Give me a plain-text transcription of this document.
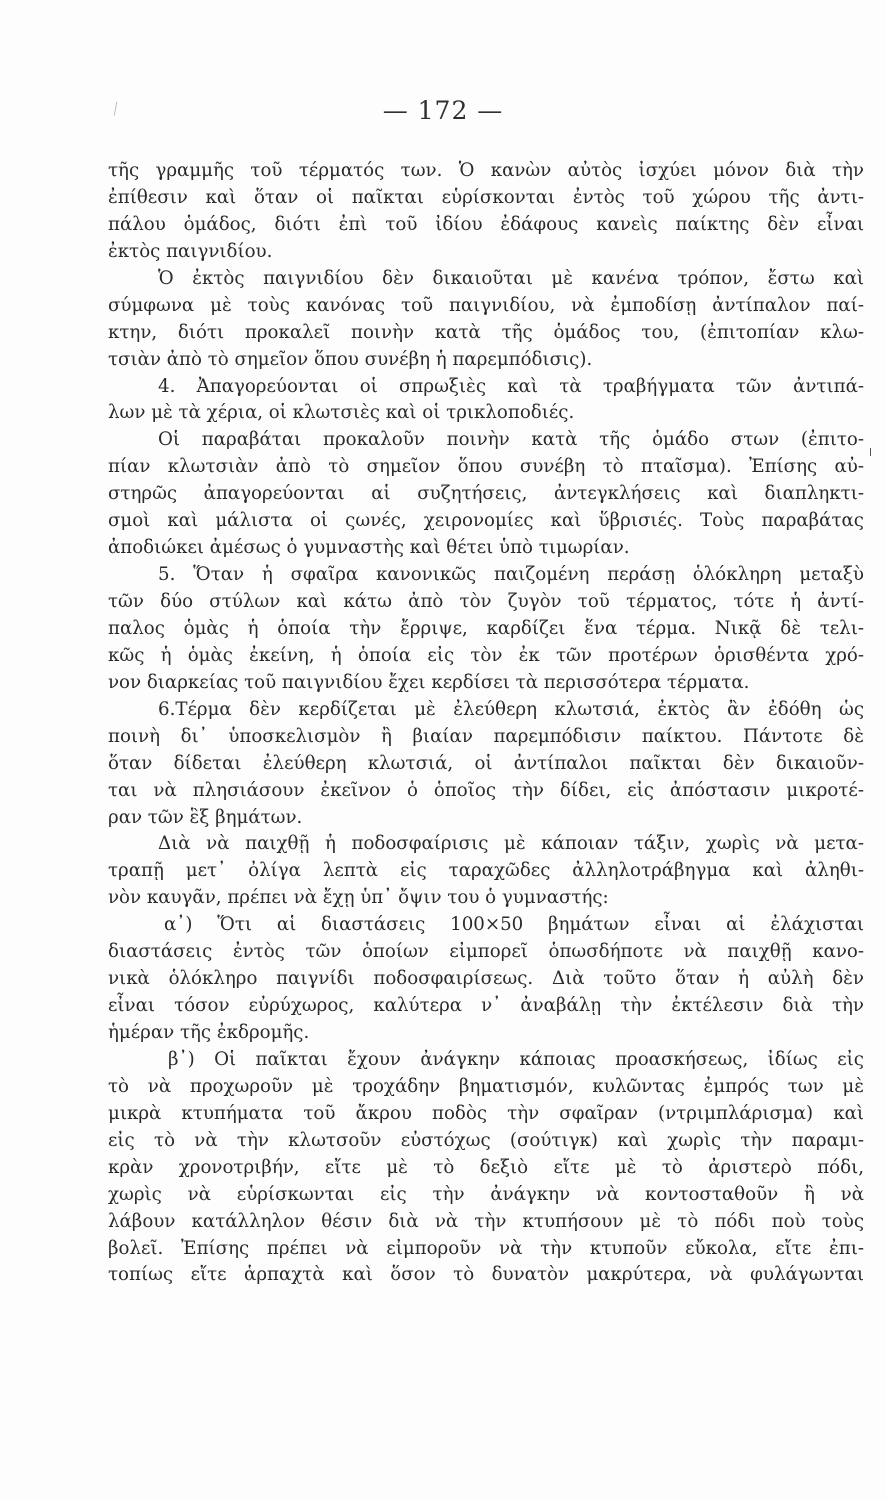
— 172 —
τῆς γραμμῆς τοῦ τέρματός των. Ὁ κανὼν αὐτὸς ἰσχύει μόνον διὰ τὴν
ἐπίθεσιν καὶ ὅταν οἱ παῖκται εὑρίσκονται ἐντὸς τοῦ χώρου τῆς ἀντι-
πάλου ὁμάδος, διότι ἐπὶ τοῦ ἰδίου ἐδάφους κανεὶς παίκτης δὲν εἶναι
ἐκτὸς παιγνιδίου.
Ὁ ἐκτὸς παιγνιδίου δὲν δικαιοῦται μὲ κανένα τρόπον, ἔστω καὶ
σύμφωνα μὲ τοὺς κανόνας τοῦ παιγνιδίου, νὰ ἐμποδίσῃ ἀντίπαλον παί-
κτην, διότι προκαλεῖ ποινὴν κατὰ τῆς ὁμάδος του, (ἐπιτοπίαν κλω-
τσιὰν ἀπὸ τὸ σημεῖον ὅπου συνέβη ἡ παρεμπόδισις).
4. Ἀπαγορεύονται οἱ σπρωξιὲς καὶ τὰ τραβήγματα τῶν ἀντιπά-
λων μὲ τὰ χέρια, οἱ κλωτσιὲς καὶ οἱ τρικλοποδιές.
Οἱ παραβάται προκαλοῦν ποινὴν κατὰ τῆς ὁμάδο στων (ἐπιτο-
πίαν κλωτσιὰν ἀπὸ τὸ σημεῖον ὅπου συνέβη τὸ πταῖσμα). Ἐπίσης αὐ-
στηρῶς ἀπαγορεύονται αἱ συζητήσεις, ἀντεγκλήσεις καὶ διαπληκτι-
σμοὶ καὶ μάλιστα οἱ ςωνές, χειρονομίες καὶ ὕβρισιές. Τοὺς παραβάτας
ἀποδιώκει ἀμέσως ὁ γυμναστὴς καὶ θέτει ὑπὸ τιμωρίαν.
5. Ὅταν ἡ σφαῖρα κανονικῶς παιζομένη περάσῃ ὁλόκληρη μεταξὺ
τῶν δύο στύλων καὶ κάτω ἀπὸ τὸν ζυγὸν τοῦ τέρματος, τότε ἡ ἀντί-
παλος ὁμὰς ἡ ὁποία τὴν ἔρριψε, καρδίζει ἕνα τέρμα. Νικᾷ δὲ τελι-
κῶς ἡ ὁμὰς ἐκείνη, ἡ ὁποία εἰς τὸν ἐκ τῶν προτέρων ὁρισθέντα χρό-
νον διαρκείας τοῦ παιγνιδίου ἔχει κερδίσει τὰ περισσότερα τέρματα.
6.Τέρμα δὲν κερδίζεται μὲ ἐλεύθερη κλωτσιά, ἐκτὸς ἂν ἐδόθη ὡς
ποινὴ δι᾽ ὑποσκελισμὸν ἢ βιαίαν παρεμπόδισιν παίκτου. Πάντοτε δὲ
ὅταν δίδεται ἐλεύθερη κλωτσιά, οἱ ἀντίπαλοι παῖκται δὲν δικαιοῦν-
ται νὰ πλησιάσουν ἐκεῖνον ὁ ὁποῖος τὴν δίδει, εἰς ἀπόστασιν μικροτέ-
ραν τῶν ἓξ βημάτων.
Διὰ νὰ παιχθῇ ἡ ποδοσφαίρισις μὲ κάποιαν τάξιν, χωρὶς νὰ μετα-
τραπῇ μετ᾽ ὀλίγα λεπτὰ εἰς ταραχῶδες ἀλληλοτράβηγμα καὶ ἀληθι-
νὸν καυγᾶν, πρέπει νὰ ἔχῃ ὑπ᾽ ὄψιν του ὁ γυμναστής:
α᾽) Ὅτι αἱ διαστάσεις 100×50 βημάτων εἶναι αἱ ἐλάχισται
διαστάσεις ἐντὸς τῶν ὁποίων εἰμπορεῖ ὁπωσδήποτε νὰ παιχθῇ κανο-
νικὰ ὁλόκληρο παιγνίδι ποδοσφαιρίσεως. Διὰ τοῦτο ὅταν ἡ αὐλὴ δὲν
εἶναι τόσον εὐρύχωρος, καλύτερα ν᾽ ἀναβάλῃ τὴν ἐκτέλεσιν διὰ τὴν
ἡμέραν τῆς ἐκδρομῆς.
β᾽) Οἱ παῖκται ἔχουν ἀνάγκην κάποιας προασκήσεως, ἰδίως εἰς
τὸ νὰ προχωροῦν μὲ τροχάδην βηματισμόν, κυλῶντας ἐμπρός των μὲ
μικρὰ κτυπήματα τοῦ ἄκρου ποδὸς τὴν σφαῖραν (ντριμπλάρισμα) καὶ
εἰς τὸ νὰ τὴν κλωτσοῦν εὐστόχως (σούτιγκ) καὶ χωρὶς τὴν παραμι-
κρὰν χρονοτριβήν, εἴτε μὲ τὸ δεξιὸ εἴτε μὲ τὸ ἀριστερὸ πόδι,
χωρὶς νὰ εὑρίσκωνται εἰς τὴν ἀνάγκην νὰ κοντοσταθοῦν ἢ νὰ
λάβουν κατάλληλον θέσιν διὰ νὰ τὴν κτυπήσουν μὲ τὸ πόδι ποὺ τοὺς
βολεῖ. Ἐπίσης πρέπει νὰ εἰμποροῦν νὰ τὴν κτυποῦν εὔκολα, εἴτε ἐπι-
τοπίως εἴτε ἁρπαχτὰ καὶ ὅσον τὸ δυνατὸν μακρύτερα, νὰ φυλάγωνται
